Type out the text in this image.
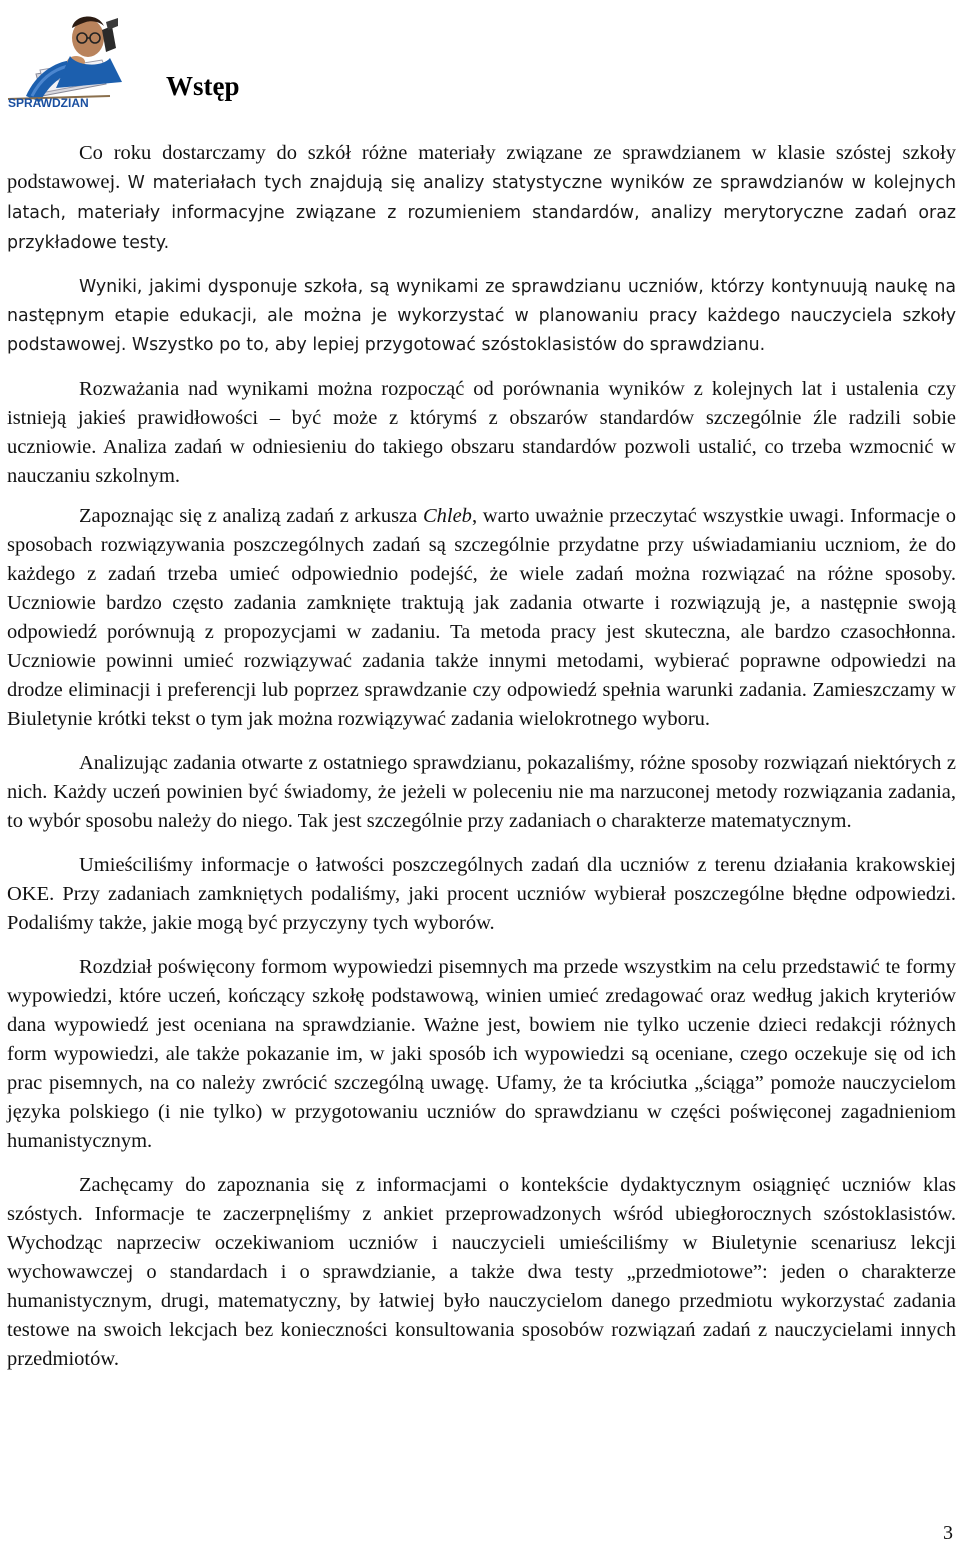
SPRAWDZIAN
Wstęp

Co roku dostarczamy do szkół różne materiały związane ze sprawdzianem w klasie szóstej szkoły podstawowej. W materiałach tych znajdują się analizy statystyczne wyników ze sprawdzianów w kolejnych latach, materiały informacyjne związane z rozumieniem standardów, analizy merytoryczne zadań oraz przykładowe testy.

Wyniki, jakimi dysponuje szkoła, są wynikami ze sprawdzianu uczniów, którzy kontynuują naukę na następnym etapie edukacji, ale można je wykorzystać w planowaniu pracy każdego nauczyciela szkoły podstawowej. Wszystko po to, aby lepiej przygotować szóstoklasistów do sprawdzianu.

Rozważania nad wynikami można rozpocząć od porównania wyników z kolejnych lat i ustalenia czy istnieją jakieś prawidłowości – być może z którymś z obszarów standardów szczególnie źle radzili sobie uczniowie. Analiza zadań w odniesieniu do takiego obszaru standardów pozwoli ustalić, co trzeba wzmocnić w nauczaniu szkolnym.

Zapoznając się z analizą zadań z arkusza Chleb, warto uważnie przeczytać wszystkie uwagi. Informacje o sposobach rozwiązywania poszczególnych zadań są szczególnie przydatne przy uświadamianiu uczniom, że do każdego z zadań trzeba umieć odpowiednio podejść, że wiele zadań można rozwiązać na różne sposoby. Uczniowie bardzo często zadania zamknięte traktują jak zadania otwarte i rozwiązują je, a następnie swoją odpowiedź porównują z propozycjami w zadaniu. Ta metoda pracy jest skuteczna, ale bardzo czasochłonna. Uczniowie powinni umieć rozwiązywać zadania także innymi metodami, wybierać poprawne odpowiedzi na drodze eliminacji i preferencji lub poprzez sprawdzanie czy odpowiedź spełnia warunki zadania. Zamieszczamy w Biuletynie krótki tekst o tym jak można rozwiązywać zadania wielokrotnego wyboru.

Analizując zadania otwarte z ostatniego sprawdzianu, pokazaliśmy, różne sposoby rozwiązań niektórych z nich. Każdy uczeń powinien być świadomy, że jeżeli w poleceniu nie ma narzuconej metody rozwiązania zadania, to wybór sposobu należy do niego. Tak jest szczególnie przy zadaniach o charakterze matematycznym.

Umieściliśmy informacje o łatwości poszczególnych zadań dla uczniów z terenu działania krakowskiej OKE. Przy zadaniach zamkniętych podaliśmy, jaki procent uczniów wybierał poszczególne błędne odpowiedzi. Podaliśmy także, jakie mogą być przyczyny tych wyborów.

Rozdział poświęcony formom wypowiedzi pisemnych ma przede wszystkim na celu przedstawić te formy wypowiedzi, które uczeń, kończący szkołę podstawową, winien umieć zredagować oraz według jakich kryteriów dana wypowiedź jest oceniana na sprawdzianie. Ważne jest, bowiem nie tylko uczenie dzieci redakcji różnych form wypowiedzi, ale także pokazanie im, w jaki sposób ich wypowiedzi są oceniane, czego oczekuje się od ich prac pisemnych, na co należy zwrócić szczególną uwagę. Ufamy, że ta króciutka „ściąga” pomoże nauczycielom języka polskiego (i nie tylko) w przygotowaniu uczniów do sprawdzianu w części poświęconej zagadnieniom humanistycznym.

Zachęcamy do zapoznania się z informacjami o kontekście dydaktycznym osiągnięć uczniów klas szóstych. Informacje te zaczerpnęliśmy z ankiet przeprowadzonych wśród ubiegłorocznych szóstoklasistów. Wychodząc naprzeciw oczekiwaniom uczniów i nauczycieli umieściliśmy w Biuletynie scenariusz lekcji wychowawczej o standardach i o sprawdzianie, a także dwa testy „przedmiotowe”: jeden o charakterze humanistycznym, drugi, matematyczny, by łatwiej było nauczycielom danego przedmiotu wykorzystać zadania testowe na swoich lekcjach bez konieczności konsultowania sposobów rozwiązań zadań z nauczycielami innych przedmiotów.

3
